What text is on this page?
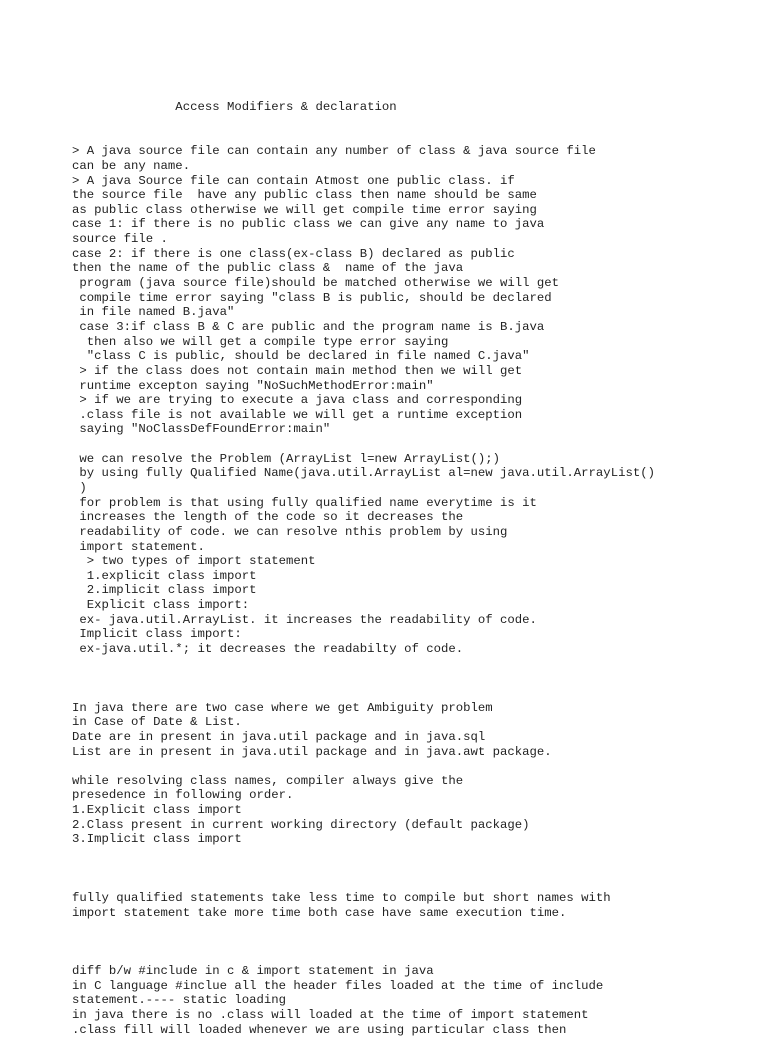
Access Modifiers & declaration

> A java source file can contain any number of class & java source file
can be any name.
> A java Source file can contain Atmost one public class. if
the source file  have any public class then name should be same
as public class otherwise we will get compile time error saying
case 1: if there is no public class we can give any name to java
source file .
case 2: if there is one class(ex-class B) declared as public
then the name of the public class &  name of the java
program (java source file)should be matched otherwise we will get
compile time error saying "class B is public, should be declared
in file named B.java"
case 3:if class B & C are public and the program name is B.java
then also we will get a compile type error saying
"class C is public, should be declared in file named C.java"
> if the class does not contain main method then we will get
runtime excepton saying "NoSuchMethodError:main"
> if we are trying to execute a java class and corresponding
.class file is not available we will get a runtime exception
saying "NoClassDefFoundError:main"
we can resolve the Problem (ArrayList l=new ArrayList();)
by using fully Qualified Name(java.util.ArrayList al=new java.util.ArrayList()
)
for problem is that using fully qualified name everytime is it
increases the length of the code so it decreases the
readability of code. we can resolve nthis problem by using
import statement.
> two types of import statement
1.explicit class import
2.implicit class import
Explicit class import:
ex- java.util.ArrayList. it increases the readability of code.
Implicit class import:
ex-java.util.*; it decreases the readabilty of code.
In java there are two case where we get Ambiguity problem
in Case of Date & List.
Date are in present in java.util package and in java.sql
List are in present in java.util package and in java.awt package.
while resolving class names, compiler always give the
presedence in following order.
1.Explicit class import
2.Class present in current working directory (default package)
3.Implicit class import
fully qualified statements take less time to compile but short names with
import statement take more time both case have same execution time.
diff b/w #include in c & import statement in java
in C language #inclue all the header files loaded at the time of include
statement.---- static loading
in java there is no .class will loaded at the time of import statement
.class fill will loaded whenever we are using particular class then
